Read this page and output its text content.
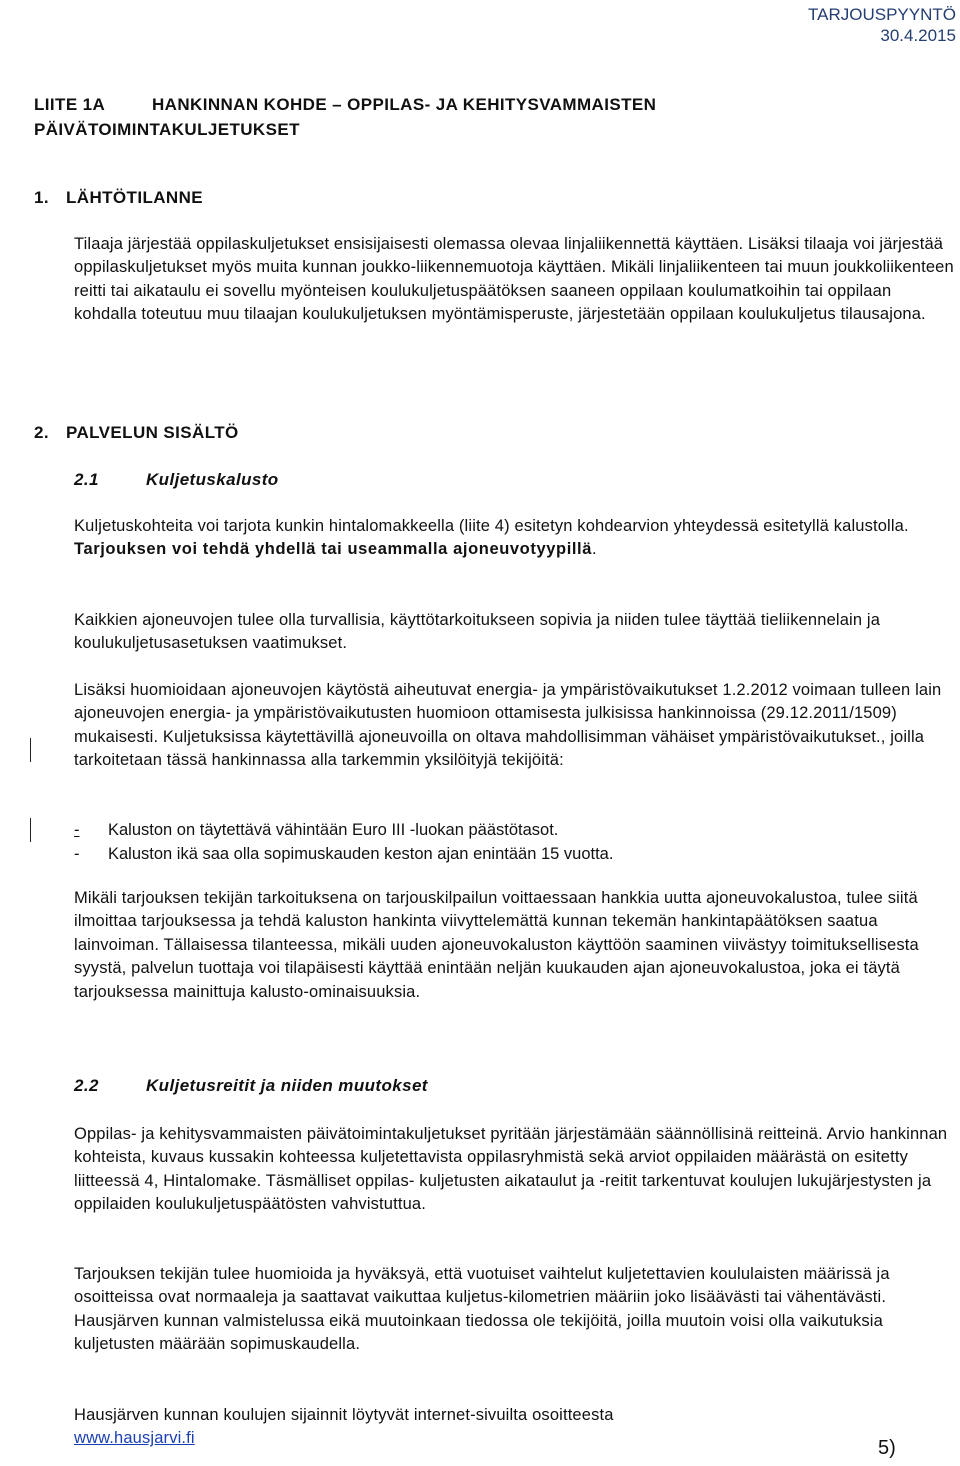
TARJOUSPYYNTÖ
30.4.2015
LIITE 1A	HANKINNAN KOHDE – OPPILAS- JA KEHITYSVAMMAISTEN
PÄIVÄTOIMINTAKULJETUKSET
1. LÄHTÖTILANNE
Tilaaja järjestää oppilaskuljetukset ensisijaisesti olemassa olevaa linjaliikennettä käyttäen. Lisäksi tilaaja voi järjestää oppilaskuljetukset myös muita kunnan joukko-liikennemuotoja käyttäen. Mikäli linjaliikenteen tai muun joukkoliikenteen reitti tai aikataulu ei sovellu myönteisen koulukuljetuspäätöksen saaneen oppilaan koulumatkoihin tai oppilaan kohdalla toteutuu muu tilaajan koulukuljetuksen myöntämisperuste, järjestetään oppilaan koulukuljetus tilausajona.
2. PALVELUN SISÄLTÖ
2.1	Kuljetuskalusto
Kuljetuskohteita voi tarjota kunkin hintalomakkeella (liite 4) esitetyn kohdearvion yhteydessä esitetyllä kalustolla. Tarjouksen voi tehdä yhdellä tai useammalla ajoneuvotyypillä.
Kaikkien ajoneuvojen tulee olla turvallisia, käyttötarkoitukseen sopivia ja niiden tulee täyttää tieliikennelain ja koulukuljetusasetuksen vaatimukset.
Lisäksi huomioidaan ajoneuvojen käytöstä aiheutuvat energia- ja ympäristövaikutukset 1.2.2012 voimaan tulleen lain ajoneuvojen energia- ja ympäristövaikutusten huomioon ottamisesta julkisissa hankinnoissa (29.12.2011/1509) mukaisesti. Kuljetuksissa käytettävillä ajoneuvoilla on oltava mahdollisimman vähäiset ympäristövaikutukset., joilla tarkoitetaan tässä hankinnassa alla tarkemmin yksilöityjä tekijöitä:
-Kaluston on täytettävä vähintään Euro III -luokan päästötasot.
-Kaluston ikä saa olla sopimuskauden keston ajan enintään 15 vuotta.
Mikäli tarjouksen tekijän tarkoituksena on tarjouskilpailun voittaessaan hankkia uutta ajoneuvokalustoa, tulee siitä ilmoittaa tarjouksessa ja tehdä kaluston hankinta viivyttelemättä kunnan tekemän hankintapäätöksen saatua lainvoiman. Tällaisessa tilanteessa, mikäli uuden ajoneuvokaluston käyttöön saaminen viivästyy toimituksellisesta syystä, palvelun tuottaja voi tilapäisesti käyttää enintään neljän kuukauden ajan ajoneuvokalustoa, joka ei täytä tarjouksessa mainittuja kalusto-ominaisuuksia.
2.2	Kuljetusreitit ja niiden muutokset
Oppilas- ja kehitysvammaisten päivätoimintakuljetukset pyritään järjestämään säännöllisinä reitteinä. Arvio hankinnan kohteista, kuvaus kussakin kohteessa kuljetettavista oppilasryhmistä sekä arviot oppilaiden määrästä on esitetty liitteessä 4, Hintalomake. Täsmälliset oppilas- kuljetusten aikataulut ja -reitit tarkentuvat koulujen lukujärjestysten ja oppilaiden koulukuljetuspäätösten vahvistuttua.
Tarjouksen tekijän tulee huomioida ja hyväksyä, että vuotuiset vaihtelut kuljetettavien koululaisten määrissä ja osoitteissa ovat normaaleja ja saattavat vaikuttaa kuljetus-kilometrien määriin joko lisäävästi tai vähentävästi. Hausjärven kunnan valmistelussa eikä muutoinkaan tiedossa ole tekijöitä, joilla muutoin voisi olla vaikutuksia kuljetusten määrään sopimuskaudella.
Hausjärven kunnan koulujen sijainnit löytyvät internet-sivuilta osoitteesta
www.hausjarvi.fi	5)
